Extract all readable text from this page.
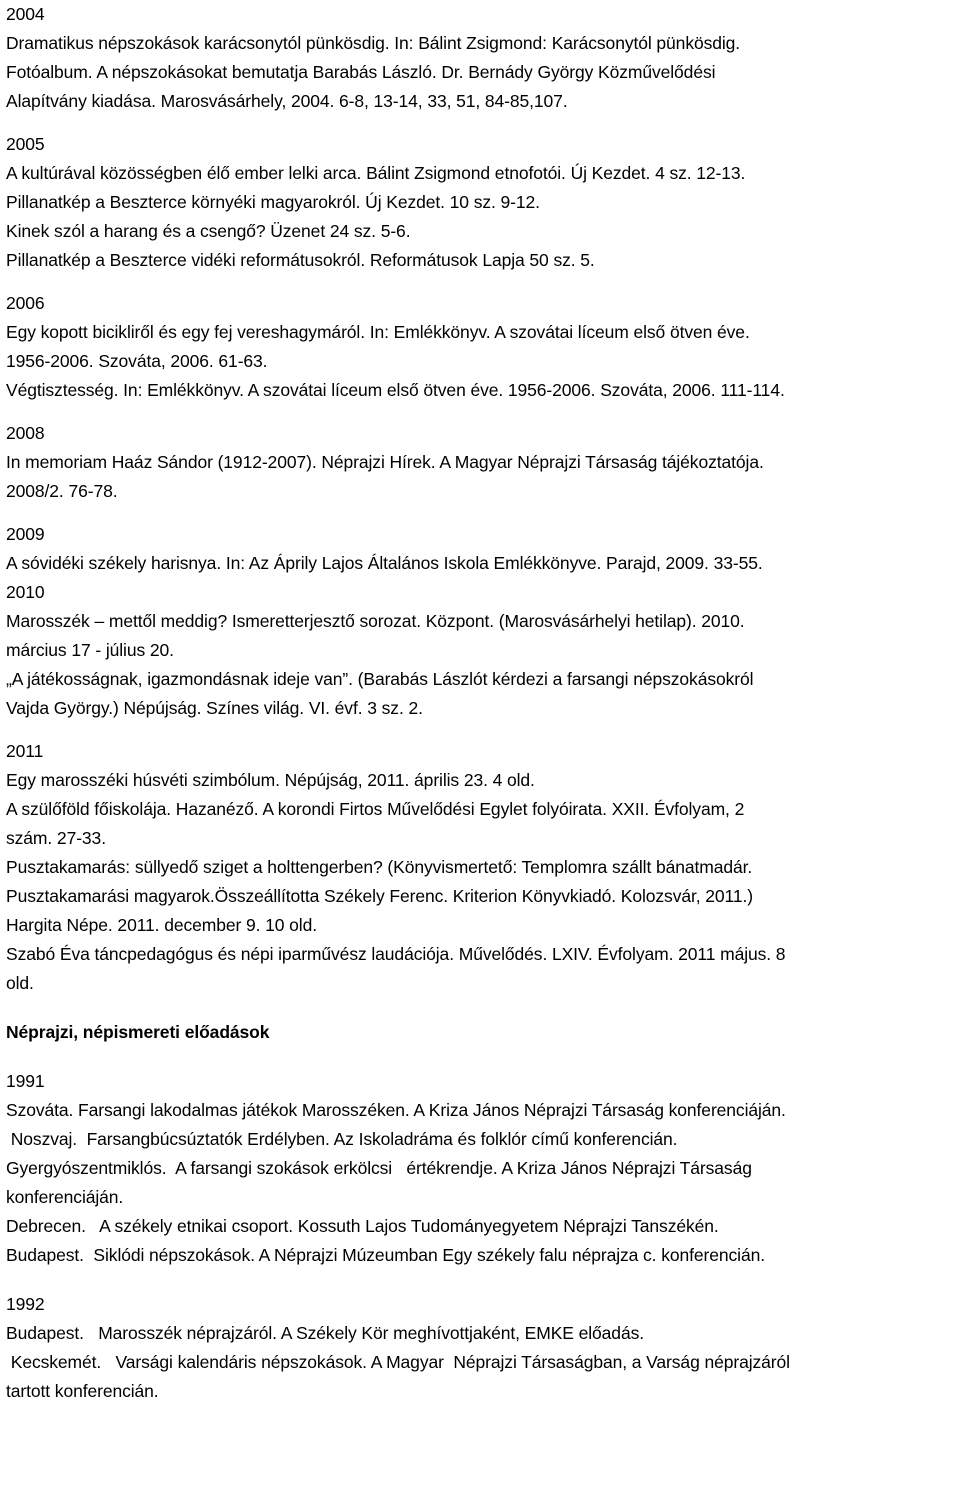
2004
Dramatikus népszokások karácsonytól pünkösdig. In: Bálint Zsigmond: Karácsonytól pünkösdig.
Fotóalbum. A népszokásokat bemutatja Barabás László. Dr. Bernády György Közművelődési
Alapítvány kiadása. Marosvásárhely, 2004. 6-8, 13-14, 33, 51, 84-85,107.
2005
A kultúrával közösségben élő ember lelki arca. Bálint Zsigmond etnofotói. Új Kezdet. 4 sz. 12-13.
Pillanatkép a Beszterce környéki magyarokról. Új Kezdet. 10 sz. 9-12.
Kinek szól a harang és a csengő? Üzenet 24 sz. 5-6.
Pillanatkép a Beszterce vidéki reformátusokról. Reformátusok Lapja 50 sz. 5.
2006
Egy kopott bicikliről és egy fej vereshagymáról. In: Emlékkönyv. A szovátai líceum első ötven éve.
1956-2006. Szováta, 2006. 61-63.
Végtisztesség. In: Emlékkönyv. A szovátai líceum első ötven éve. 1956-2006. Szováta, 2006. 111-114.
2008
In memoriam Haáz Sándor (1912-2007). Néprajzi Hírek. A Magyar Néprajzi Társaság tájékoztatója.
2008/2. 76-78.
2009
A sóvidéki székely harisnya. In: Az Áprily Lajos Általános Iskola Emlékkönyve. Parajd, 2009. 33-55.
2010
Marosszék – mettől meddig? Ismeretterjesztő sorozat. Központ. (Marosvásárhelyi hetilap). 2010.
március 17 - július 20.
„A játékosságnak, igazmondásnak ideje van”. (Barabás Lászlót kérdezi a farsangi népszokásokról
Vajda György.) Népújság. Színes világ. VI. évf. 3 sz. 2.
2011
Egy marosszéki húsvéti szimbólum. Népújság, 2011. április 23. 4 old.
A szülőföld főiskolája. Hazanéző. A korondi Firtos Művelődési Egylet folyóirata. XXII. Évfolyam, 2
szám. 27-33.
Pusztakamarás: süllyedő sziget a holttengerben? (Könyvismertető: Templomra szállt bánatmadár.
Pusztakamarási magyarok.Összeállította Székely Ferenc. Kriterion Könyvkiadó. Kolozsvár, 2011.)
Hargita Népe. 2011. december 9. 10 old.
Szabó Éva táncpedagógus és népi iparművész laudációja. Művelődés. LXIV. Évfolyam. 2011 május. 8
old.
Néprajzi, népismereti előadások
1991
Szováta. Farsangi lakodalmas játékok Marosszéken. A Kriza János Néprajzi Társaság konferenciáján.
Noszvaj.  Farsangbúcsúztatók Erdélyben. Az Iskoladráma és folklór című konferencián.
Gyergyószentmiklós.  A farsangi szokások erkölcsi   értékrendje. A Kriza János Néprajzi Társaság
konferenciáján.
Debrecen.   A székely etnikai csoport. Kossuth Lajos Tudományegyetem Néprajzi Tanszékén.
Budapest.  Siklódi népszokások. A Néprajzi Múzeumban Egy székely falu néprajza c. konferencián.
1992
Budapest.   Marosszék néprajzáról. A Székely Kör meghívottjaként, EMKE előadás.
Kecskemét.   Varsági kalendáris népszokások. A Magyar  Néprajzi Társaságban, a Varság néprajzáról
tartott konferencián.
